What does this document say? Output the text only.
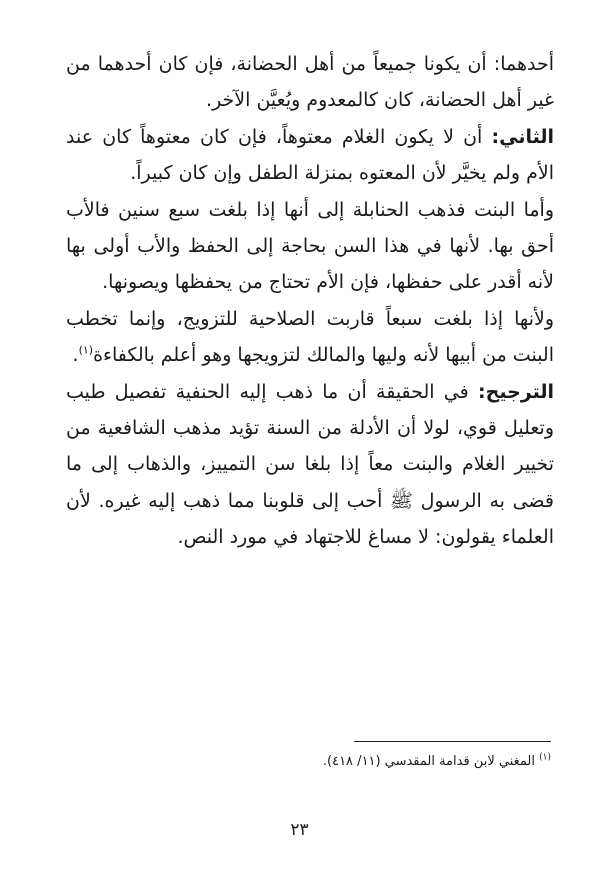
أحدهما: أن يكونا جميعاً من أهل الحضانة، فإن كان أحدهما من غير أهل الحضانة، كان كالمعدوم ويُعيَّن الآخر.

الثاني: أن لا يكون الغلام معتوهاً، فإن كان معتوهاً كان عند الأم ولم يخيَّر لأن المعتوه بمنزلة الطفل وإن كان كبيراً.

وأما البنت فذهب الحنابلة إلى أنها إذا بلغت سبع سنين فالأب أحق بها. لأنها في هذا السن بحاجة إلى الحفظ والأب أولى بها لأنه أقدر على حفظها، فإن الأم تحتاج من يحفظها ويصونها.

ولأنها إذا بلغت سبعاً قاربت الصلاحية للتزويج، وإنما تخطب البنت من أبيها لأنه وليها والمالك لتزويجها وهو أعلم بالكفاءة$^{(١)}$.

الترجيح: في الحقيقة أن ما ذهب إليه الحنفية تفصيل طيب وتعليل قوي، لولا أن الأدلة من السنة تؤيد مذهب الشافعية من تخيير الغلام والبنت معاً إذا بلغا سن التمييز، والذهاب إلى ما قضى به الرسول ﷺ أحب إلى قلوبنا مما ذهب إليه غيره. لأن العلماء يقولون: لا مساغ للاجتهاد في مورد النص.

$^{(١)}$ المغني لابن قدامة المقدسي (١١/ ٤١٨).
٢٣
